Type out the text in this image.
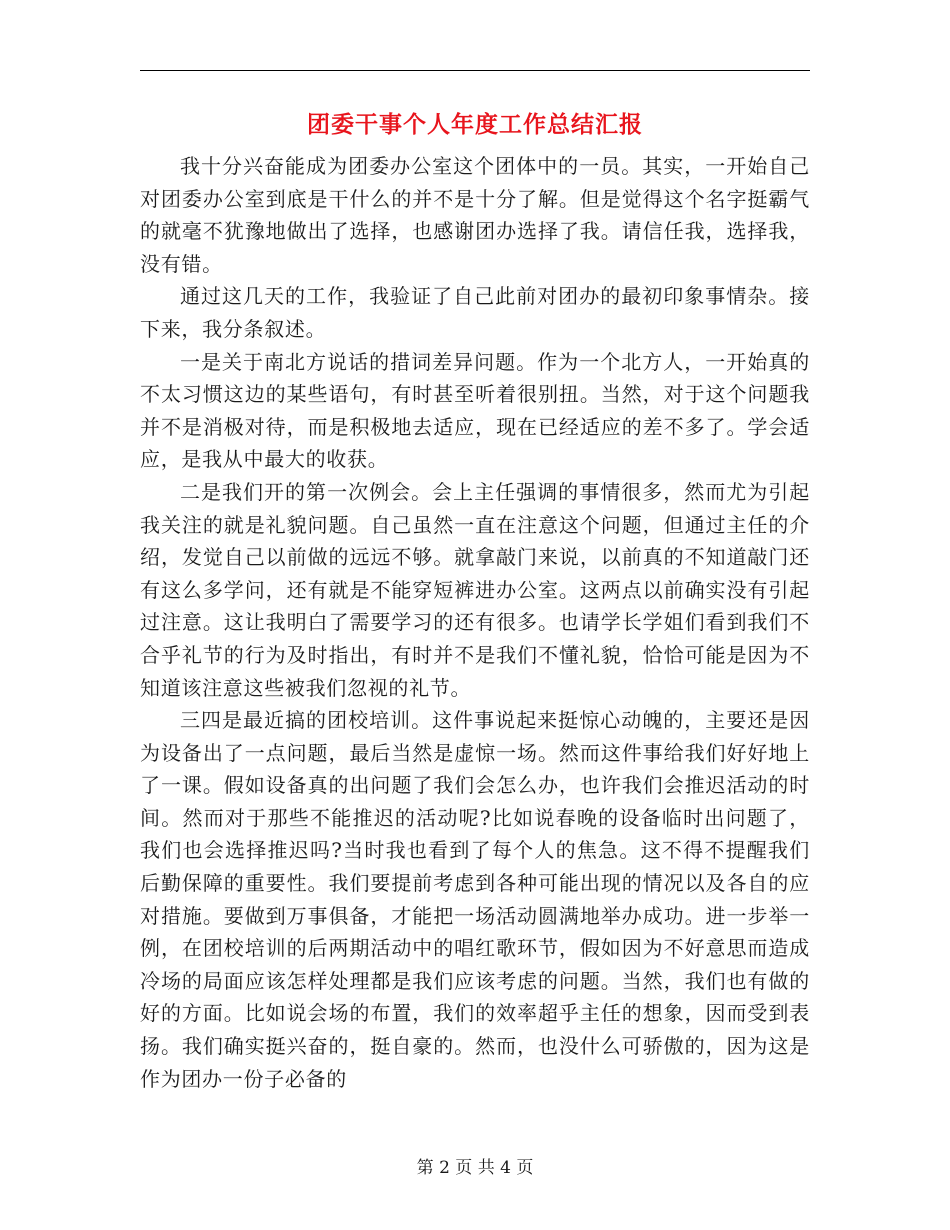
团委干事个人年度工作总结汇报

我十分兴奋能成为团委办公室这个团体中的一员。其实，一开始自己对团委办公室到底是干什么的并不是十分了解。但是觉得这个名字挺霸气的就毫不犹豫地做出了选择，也感谢团办选择了我。请信任我，选择我，没有错。

通过这几天的工作，我验证了自己此前对团办的最初印象事情杂。接下来，我分条叙述。

一是关于南北方说话的措词差异问题。作为一个北方人，一开始真的不太习惯这边的某些语句，有时甚至听着很别扭。当然，对于这个问题我并不是消极对待，而是积极地去适应，现在已经适应的差不多了。学会适应，是我从中最大的收获。

二是我们开的第一次例会。会上主任强调的事情很多，然而尤为引起我关注的就是礼貌问题。自己虽然一直在注意这个问题，但通过主任的介绍，发觉自己以前做的远远不够。就拿敲门来说，以前真的不知道敲门还有这么多学问，还有就是不能穿短裤进办公室。这两点以前确实没有引起过注意。这让我明白了需要学习的还有很多。也请学长学姐们看到我们不合乎礼节的行为及时指出，有时并不是我们不懂礼貌，恰恰可能是因为不知道该注意这些被我们忽视的礼节。

三四是最近搞的团校培训。这件事说起来挺惊心动魄的，主要还是因为设备出了一点问题，最后当然是虚惊一场。然而这件事给我们好好地上了一课。假如设备真的出问题了我们会怎么办，也许我们会推迟活动的时间。然而对于那些不能推迟的活动呢?比如说春晚的设备临时出问题了，我们也会选择推迟吗?当时我也看到了每个人的焦急。这不得不提醒我们后勤保障的重要性。我们要提前考虑到各种可能出现的情况以及各自的应对措施。要做到万事俱备，才能把一场活动圆满地举办成功。进一步举一例，在团校培训的后两期活动中的唱红歌环节，假如因为不好意思而造成冷场的局面应该怎样处理都是我们应该考虑的问题。当然，我们也有做的好的方面。比如说会场的布置，我们的效率超乎主任的想象，因而受到表扬。我们确实挺兴奋的，挺自豪的。然而，也没什么可骄傲的，因为这是作为团办一份子必备的

第 2 页 共 4 页
